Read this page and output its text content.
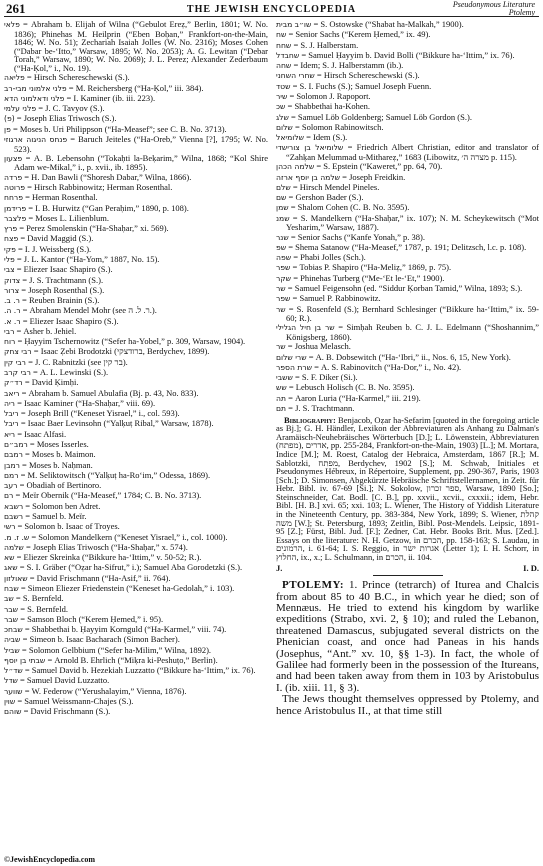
261	THE JEWISH ENCYCLOPEDIA	Pseudonymous Literature
Ptolemy
פלאי = Abraham b. Elijah of Wilna (“Gebulot Ereẓ,” Berlin, 1801; W. No. 1836); Phinehas M. Heilprin (“Eben Boḥan,” Frankfort-on-the-Main, 1846; W. No. 51); Zechariah Isaiah Jolles (W. No. 2316); Moses Cohen (“Dabar be-‘Itto,” Warsaw, 1895; W. No. 2053); A. G. Lewitan (“Debar Torah,” Warsaw, 1890; W. No. 2069); J. L. Perez; Alexander Zederbaum (“Ha-Ḳol,” i., No. 19).
פליאה = Hirsch Schereschewski (S.).
פלני אלמוני מבי-רב = M. Reichersberg (“Ha-Ḳol,” iii. 384).
פלני ודאלמוני הדא = I. Kaminer (ib. iii. 223).
פלני עלמי = J. C. Tavyov (S.).
(פ) = Joseph Elias Triwosch (S.).
פן = Moses b. Uri Philippson (“Ha-Measef”; see C. B. No. 3713).
פנחס הניגוה ארגוזי = Baruch Jeiteles (“Ha-Oreb,” Vienna [?], 1795; W. No. 523).
פצעון = A. B. Lebensohn (“Tokaḥti la-Beḳarim,” Wilna, 1868; “Kol Shire Adam we-Mikal,” i., p. xvii., ib. 1895).
פרדה = H. Dan Bawli (“Shoresh Dabar,” Wilna, 1866).
פרוטה = Hirsch Rabbinowitz; Herman Rosenthal.
פרחח = Herman Rosenthal.
פרידמן = I. B. Hurwitz (“Gan Peraḥim,” 1890, p. 108).
פלצבר = Moses L. Lilienblum.
פרץ = Perez Smolenskin (“Ha-Shaḥar,” xi. 569).
פצח = David Maggid (S.).
פקי = I. J. Weissberg (S.).
פלי = J. L. Kantor (“Ha-Yom,” 1887, No. 15).
צבי = Eliezer Isaac Shapiro (S.).
צדוק = J. S. Trachtmann (S.).
צרור = Joseph Rosenthal (S.).
ר. ב. = Reuben Brainin (S.).
ר. ה. = Abraham Mendel Mohr (see ר. ל. ה.).
ר. א. = Eliezer Isaac Shapiro (S.).
רבי = Asher b. Jehiel.
רוח = Ḥayyim Tschernowitz (“Sefer ha-Yobel,” p. 309, Warsaw, 1904).
רבי צחק = Isaac Ẓebi Brodotzki (ברודצקי, Berdychev, 1899).
רבי קין = J. C. Rabnitzki (see בר קין).
רבי קרב = A. L. Lewinski (S.).
רד״ק = David Ḳimḥi.
ריאב = Abraham b. Samuel Abulafia (Bj. p. 43, No. 833).
ריה = Isaac Kaminer (“Ha-Shaḥar,” viii. 69).
ריבל = Joseph Brill (“Keneset Yisrael,” i., col. 593).
ריבל = Isaac Baer Levinsohn (“Yalḳuṭ Ribal,” Warsaw, 1878).
ריא = Isaac Alfasi.
רמב״ם = Moses Isserles.
רמבם = Moses b. Maimon.
רמבן = Moses b. Naḥman.
רמם = M. Seliktowitsch (“Yalḳuṭ ha-Ro‘im,” Odessa, 1869).
רעב = Obadiah of Bertinoro.
רם = Meïr Obernik (“Ha-Measef,” 1784; C. B. No. 3713).
רשבא = Solomon ben Adret.
רשבם = Samuel b. Meïr.
רשי = Solomon b. Isaac of Troyes.
ש. ז. מ. = Solomon Mandelkern (“Keneset Yisrael,” i., col. 1000).
שלמה = Joseph Elias Triwosch (“Ha-Shaḥar,” x. 574).
שא = Eliezer Skreinka (“Bikkure ha-‘Ittim,” v. 50-52; R.).
שאג = S. I. Gräber (“Oẓar ha-Sifrut,” i.); Samuel Aba Gorodetzki (S.).
שאולזון = David Frischmann (“Ha-Asif,” ii. 764).
שבח = Simeon Eliezer Friedenstein (“Keneset ha-Gedolah,” i. 103).
שב = S. Bernfeld.
שבר = S. Bernfeld.
שבר = Samson Bloch (“Kerem Ḥemed,” i. 95).
שבחכ = Shabbethai b. Ḥayyim Kornguld (“Ha-Karmel,” viii. 74).
שביה = Simeon b. Isaac Bacharach (Simon Bacher).
שביל = Solomon Gelbbium (“Sefer ha-Milim,” Wilna, 1892).
שבתי בן יוסף = Arnold B. Ehrlich (“Miḳra ki-Peshuṭo,” Berlin).
שד״ל = Samuel David b. Hezekiah Luzzatto (“Bikkure ha-‘Ittim,” ix. 76).
שדל = Samuel David Luzzatto.
שווער = W. Federow (“Yerushalayim,” Vienna, 1876).
שוין = Samuel Weissmann-Chajes (S.).
שוהם = David Frischmann (S.).
שו״ב מבית = S. Ostowske (“Shabat ha-Malkah,” 1900).
שח = Senior Sachs (“Kerem Ḥemed,” ix. 49).
שחח = S. J. Halberstam.
שחבדל = Samuel Ḥayyim b. David Bolli (“Bikkure ha-‘Ittim,” ix. 76).
שחה = Idem; S. J. Halberstamm (ib.).
שחרי השחני = Hirsch Schereschewski (S.).
שטד = S. I. Fuchs (S.); Samuel Joseph Fuenn.
שיר = Solomon J. Rapoport.
שכ = Shabbethai ha-Kohen.
שלג = Samuel Löb Goldenberg; Samuel Löb Gordon (S.).
שלום = Solomon Rabinowitsch.
שלומיאל = Idem (S.).
שלומיאל בן צורישדי = Friedrich Albert Christian, editor and translator of “Zahḳan Melummad u-Mithareẓ,” 1683 (Libowitz, מצרה ה׳ p. 115).
שלמה הכהן = S. Epstein (“Kaweret,” pp. 64, 70).
שלמה בן יוסף ארזה = Joseph Freidkin.
שלם = Hirsch Mendel Pineles.
שם = Gershon Bader (S.).
שמן = Shalom Cohen (C. B. No. 3595).
שמנ = S. Mandelkern (“Ha-Shaḥar,” ix. 107); N. M. Scheykewitsch (“Mot Yesharim,” Warsaw, 1887).
שנר = Senior Sachs (“Kanfe Yonah,” p. 38).
שפ = Shema Satanow (“Ha-Measef,” 1787, p. 191; Delitzsch, l.c. p. 108).
שפה = Phabi Jolles (Sch.).
שפר = Tobias P. Shapiro (“Ha-Meliẓ,” 1869, p. 75).
שקר = Phinehas Turberg (“Me-‘Et le-‘Et,” 1900).
שר = Samuel Feigensohn (ed. “Siddur Ḳorban Tamid,” Wilna, 1893; S.).
שפר = Samuel P. Rabbinowitz.
שר = S. Rosenfeld (S.); Bernhard Schlesinger (“Bikkure ha-‘Ittim,” ix. 59-60; R.).
שר בן חיל הגלילי = Simḥah Reuben b. C. J. L. Edelmann (“Shoshannim,” Königsberg, 1860).
שר = Joshua Melasch.
שרי שלום = A. B. Dobsewitch (“Ha-‘Ibri,” ii., Nos. 6, 15, New York).
שרת הספר = A. S. Rabinovitch (“Ha-Dor,” i., No. 42).
ששבי = S. F. Diker (Si.).
שש = Lebusch Holisch (C. B. No. 3595).
תה = Aaron Luria (“Ha-Karmel,” iii. 219).
תם = J. S. Trachtmann.
Bibliography: Benjacob, Oẓar ha-Sefarim [quoted in the foregoing article as Bj.]; G. H. Händler, Lexikon der Abbreviaturen als Anhang zu Dalman's Aramäisch-Neuhebräisches Wörterbuch [D.]; L. Löwenstein, Abbreviaturen (מפתח), אדרים, pp. 255-284, Frankfort-on-the-Main, 1903) [L.]; M. Mortara, Indice [M.]; M. Roest, Catalog der Hebraica, Amsterdam, 1867 [R.]; M. Sablotzki, מפתח, Berdychev, 1902 [S.]; M. Schwab, Initiales et Pseudonymes Hébreux, in Répertoire, Supplement, pp. 290-367, Paris, 1903 [Sch.]; D. Simonsen, Abgekürzte Hebräische Schriftstellernamen, in Zeit. für Hebr. Bibl. iv. 67-69 [Si.]; N. Sokolow, ספר זכרון, Warsaw, 1890 [So.]; Steinschneider, Cat. Bodl. [C. B.], pp. xxvii., xcvii., cxxxii.; idem, Hebr. Bibl. [H. B.] xvi. 65; xxi. 103; L. Wiener, The History of Yiddish Literature in the Nineteenth Century, pp. 383-384, New York, 1899; S. Wiener, קהלת משה [W.]; St. Petersburg, 1893; Zeitlin, Bibl. Post-Mendels. Leipsic, 1891-95 [Z.]; Fürst, Bibl. Jud. [F.]; Zedner, Cat. Hebr. Books Brit. Mus. [Zed.]. Essays on the literature: N. H. Getzow, in הכרם, pp. 158-163; S. Laudau, in הרמונים, i. 61-64; I. S. Reggio, in אגרות ישר (Letter 1); I. H. Schorr, in החלוץ, ix., x.; L. Schulmann, in הכרם, ii. 104.
J.	I. D.
PTOLEMY: 1. Prince (tetrarch) of Iturea and Chalcis from about 85 to 40 B.C., in which year he died; son of Mennæus. He tried to extend his kingdom by warlike expeditions (Strabo, xvi. 2, § 10); and ruled the Lebanon, threatened Damascus, subjugated several districts on the Phenician coast, and once had Paneas in his hands (Josephus, “Ant.” xv. 10, §§ 1-3). In fact, the whole of Galilee had formerly been in the possession of the Itureans, and had been taken away from them in 103 by Aristobulus I. (ib. xiii. 11, § 3).
The Jews thought themselves oppressed by Ptolemy, and hence Aristobulus II., at that time still
©JewishEncyclopedia.com
